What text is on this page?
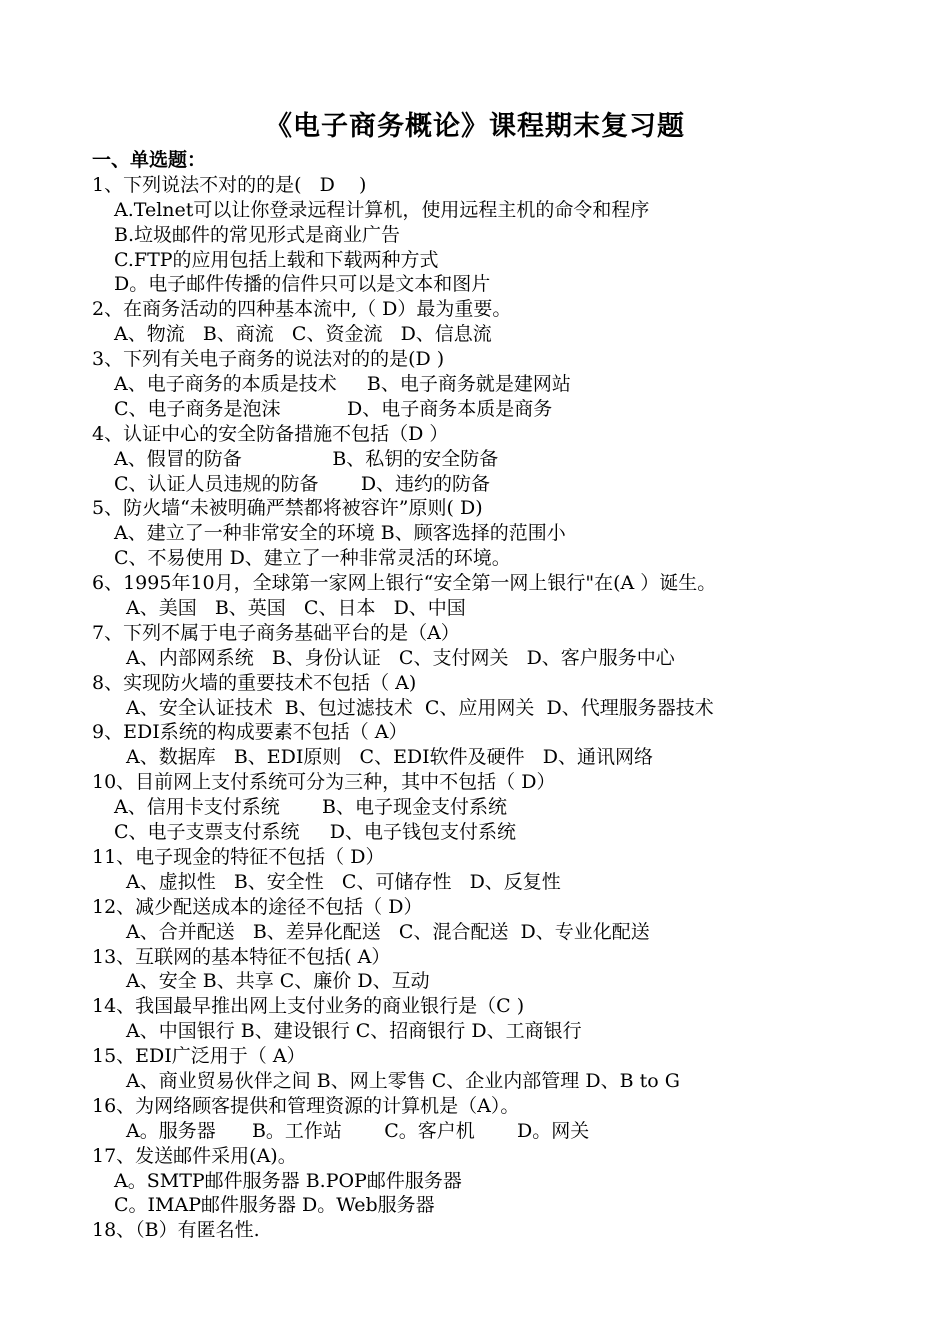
《电子商务概论》课程期末复习题
一、单选题：
1、下列说法不对的的是(   D    )
A.Telnet可以让你登录远程计算机，使用远程主机的命令和程序
B.垃圾邮件的常见形式是商业广告
C.FTP的应用包括上载和下载两种方式
D。电子邮件传播的信件只可以是文本和图片
2、在商务活动的四种基本流中,（ D）最为重要。
A、物流   B、商流   C、资金流   D、信息流
3、下列有关电子商务的说法对的的是(D )
A、电子商务的本质是技术     B、电子商务就是建网站
C、电子商务是泡沫           D、电子商务本质是商务
4、认证中心的安全防备措施不包括（D ）
A、假冒的防备               B、私钥的安全防备
C、认证人员违规的防备       D、违约的防备
5、防火墙“未被明确严禁都将被容许”原则( D)
A、建立了一种非常安全的环境 B、顾客选择的范围小
C、不易使用 D、建立了一种非常灵活的环境。
6、1995年10月，全球第一家网上银行“安全第一网上银行"在(A ）诞生。
A、美国   B、英国   C、日本   D、中国
7、下列不属于电子商务基础平台的是（A）
A、内部网系统   B、身份认证   C、支付网关   D、客户服务中心
8、实现防火墙的重要技术不包括（ A)
A、安全认证技术  B、包过滤技术  C、应用网关  D、代理服务器技术
9、EDI系统的构成要素不包括（ A）
A、数据库   B、EDI原则   C、EDI软件及硬件   D、通讯网络
10、目前网上支付系统可分为三种，其中不包括（ D）
A、信用卡支付系统       B、电子现金支付系统
C、电子支票支付系统     D、电子钱包支付系统
11、电子现金的特征不包括（ D）
A、虚拟性   B、安全性   C、可储存性   D、反复性
12、减少配送成本的途径不包括（ D）
A、合并配送   B、差异化配送   C、混合配送  D、专业化配送
13、互联网的基本特征不包括( A）
A、安全 B、共享 C、廉价 D、互动
14、我国最早推出网上支付业务的商业银行是（C )
A、中国银行 B、建设银行 C、招商银行 D、工商银行
15、EDI广泛用于（ A）
A、商业贸易伙伴之间 B、网上零售 C、企业内部管理 D、B to G
16、为网络顾客提供和管理资源的计算机是（A）。
A。服务器      B。工作站       C。客户机       D。网关
17、发送邮件采用(A)。
A。SMTP邮件服务器 B.POP邮件服务器
C。IMAP邮件服务器 D。Web服务器
18、（B）有匿名性.
